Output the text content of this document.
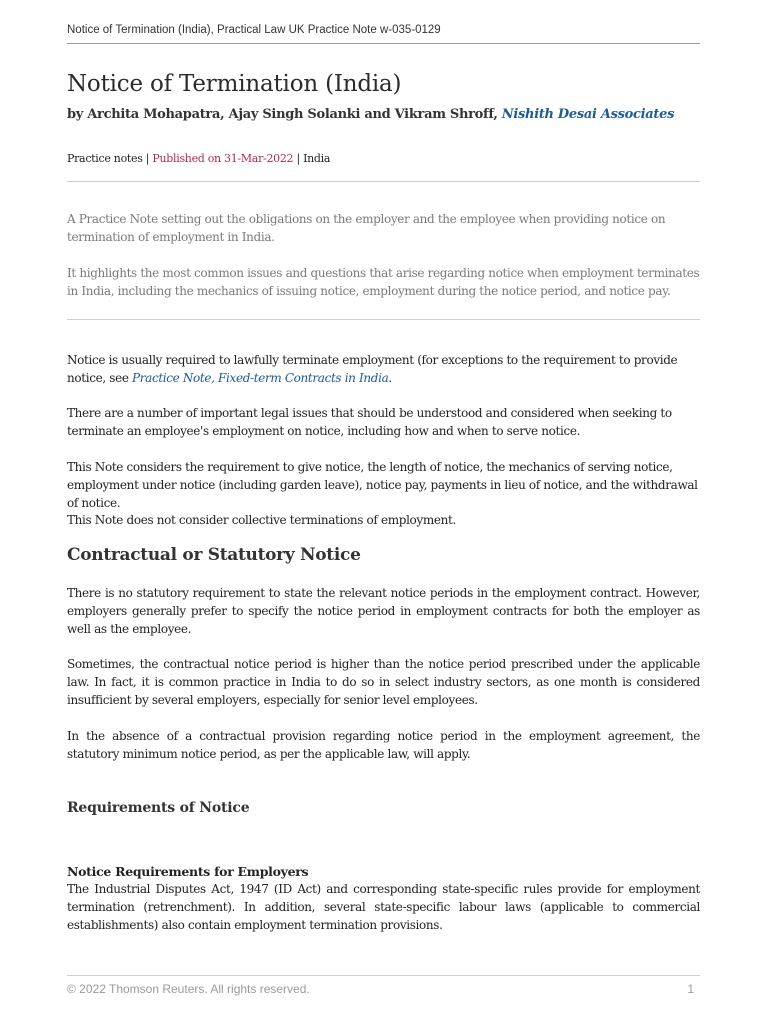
Notice of Termination (India), Practical Law UK Practice Note w-035-0129
Notice of Termination (India)
by Archita Mohapatra, Ajay Singh Solanki and Vikram Shroff, Nishith Desai Associates
Practice notes | Published on 31-Mar-2022 | India
A Practice Note setting out the obligations on the employer and the employee when providing notice on termination of employment in India.
It highlights the most common issues and questions that arise regarding notice when employment terminates in India, including the mechanics of issuing notice, employment during the notice period, and notice pay.
Notice is usually required to lawfully terminate employment (for exceptions to the requirement to provide notice, see Practice Note, Fixed-term Contracts in India.
There are a number of important legal issues that should be understood and considered when seeking to terminate an employee's employment on notice, including how and when to serve notice.
This Note considers the requirement to give notice, the length of notice, the mechanics of serving notice, employment under notice (including garden leave), notice pay, payments in lieu of notice, and the withdrawal of notice.
This Note does not consider collective terminations of employment.
Contractual or Statutory Notice
There is no statutory requirement to state the relevant notice periods in the employment contract. However, employers generally prefer to specify the notice period in employment contracts for both the employer as well as the employee.
Sometimes, the contractual notice period is higher than the notice period prescribed under the applicable law. In fact, it is common practice in India to do so in select industry sectors, as one month is considered insufficient by several employers, especially for senior level employees.
In the absence of a contractual provision regarding notice period in the employment agreement, the statutory minimum notice period, as per the applicable law, will apply.
Requirements of Notice
Notice Requirements for Employers
The Industrial Disputes Act, 1947 (ID Act) and corresponding state-specific rules provide for employment termination (retrenchment). In addition, several state-specific labour laws (applicable to commercial establishments) also contain employment termination provisions.
© 2022 Thomson Reuters. All rights reserved.	1
